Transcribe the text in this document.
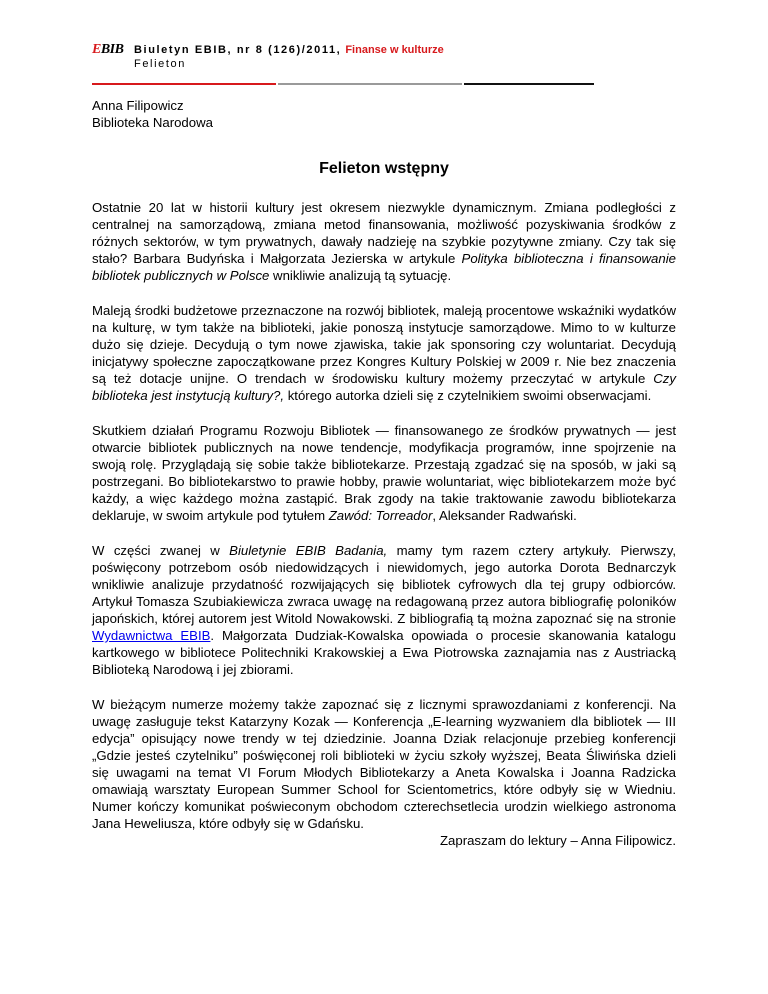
EBIB Biuletyn EBIB, nr 8 (126)/2011, Finanse w kulturze
Felieton
Anna Filipowicz
Biblioteka Narodowa
Felieton wstępny

Ostatnie 20 lat w historii kultury jest okresem niezwykle dynamicznym. Zmiana podległości z centralnej na samorządową, zmiana metod finansowania, możliwość pozyskiwania środków z różnych sektorów, w tym prywatnych, dawały nadzieję na szybkie pozytywne zmiany. Czy tak się stało? Barbara Budyńska i Małgorzata Jezierska w artykule Polityka biblioteczna i finansowanie bibliotek publicznych w Polsce wnikliwie analizują tą sytuację.

Maleją środki budżetowe przeznaczone na rozwój bibliotek, maleją procentowe wskaźniki wydatków na kulturę, w tym także na biblioteki, jakie ponoszą instytucje samorządowe. Mimo to w kulturze dużo się dzieje. Decydują o tym nowe zjawiska, takie jak sponsoring czy woluntariat. Decydują inicjatywy społeczne zapoczątkowane przez Kongres Kultury Polskiej w 2009 r. Nie bez znaczenia są też dotacje unijne. O trendach w środowisku kultury możemy przeczytać w artykule Czy biblioteka jest instytucją kultury?, którego autorka dzieli się z czytelnikiem swoimi obserwacjami.

Skutkiem działań Programu Rozwoju Bibliotek — finansowanego ze środków prywatnych — jest otwarcie bibliotek publicznych na nowe tendencje, modyfikacja programów, inne spojrzenie na swoją rolę. Przyglądają się sobie także bibliotekarze. Przestają zgadzać się na sposób, w jaki są postrzegani. Bo bibliotekarstwo to prawie hobby, prawie woluntariat, więc bibliotekarzem może być każdy, a więc każdego można zastąpić. Brak zgody na takie traktowanie zawodu bibliotekarza deklaruje, w swoim artykule pod tytułem Zawód: Torreador, Aleksander Radwański.

W części zwanej w Biuletynie EBIB Badania, mamy tym razem cztery artykuły. Pierwszy, poświęcony potrzebom osób niedowidzących i niewidomych, jego autorka Dorota Bednarczyk wnikliwie analizuje przydatność rozwijających się bibliotek cyfrowych dla tej grupy odbiorców. Artykuł Tomasza Szubiakiewicza zwraca uwagę na redagowaną przez autora bibliografię poloników japońskich, której autorem jest Witold Nowakowski. Z bibliografią tą można zapoznać się na stronie Wydawnictwa EBIB. Małgorzata Dudziak-Kowalska opowiada o procesie skanowania katalogu kartkowego w bibliotece Politechniki Krakowskiej a Ewa Piotrowska zaznajamia nas z Austriacką Biblioteką Narodową i jej zbiorami.

W bieżącym numerze możemy także zapoznać się z licznymi sprawozdaniami z konferencji. Na uwagę zasługuje tekst Katarzyny Kozak — Konferencja „E-learning wyzwaniem dla bibliotek — III edycja” opisujący nowe trendy w tej dziedzinie. Joanna Dziak relacjonuje przebieg konferencji „Gdzie jesteś czytelniku” poświęconej roli biblioteki w życiu szkoły wyższej, Beata Śliwińska dzieli się uwagami na temat VI Forum Młodych Bibliotekarzy a Aneta Kowalska i Joanna Radzicka omawiają warsztaty European Summer School for Scientometrics, które odbyły się w Wiedniu. Numer kończy komunikat poświeconym obchodom czterechsetlecia urodzin wielkiego astronoma Jana Heweliusza, które odbyły się w Gdańsku.

Zapraszam do lektury – Anna Filipowicz.
